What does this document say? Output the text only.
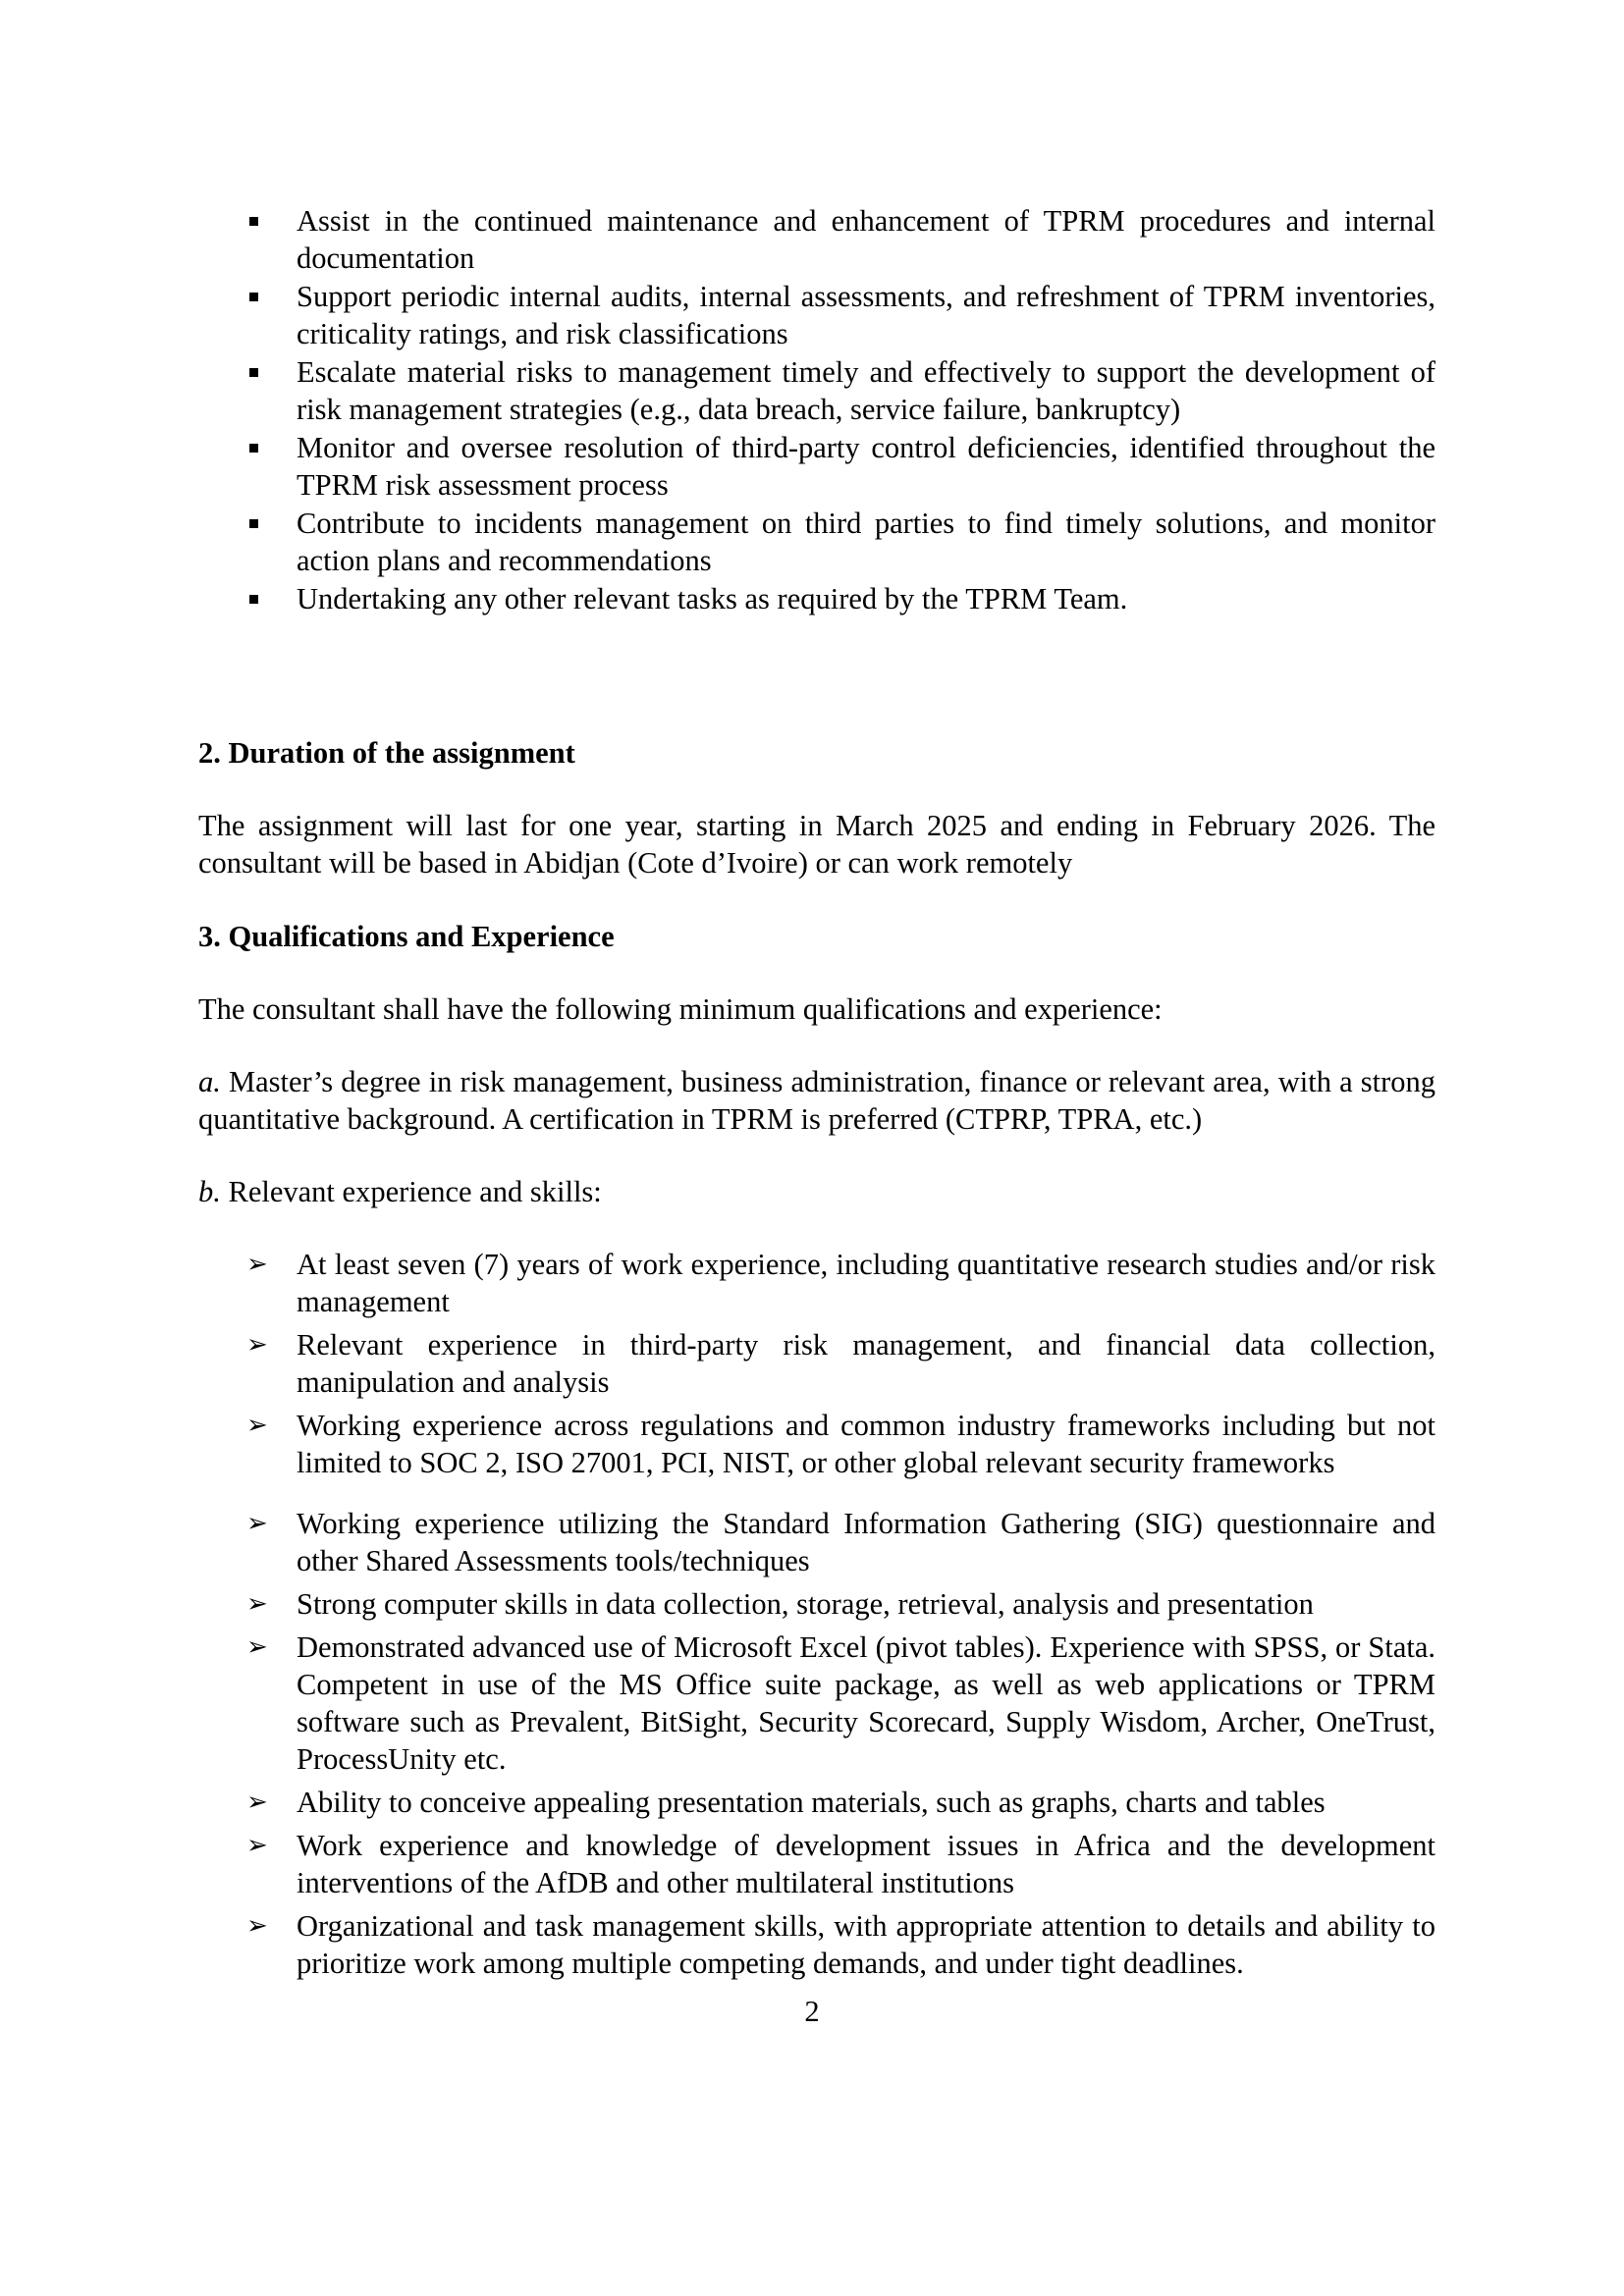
Assist in the continued maintenance and enhancement of TPRM procedures and internal documentation
Support periodic internal audits, internal assessments, and refreshment of TPRM inventories, criticality ratings, and risk classifications
Escalate material risks to management timely and effectively to support the development of risk management strategies (e.g., data breach, service failure, bankruptcy)
Monitor and oversee resolution of third-party control deficiencies, identified throughout the TPRM risk assessment process
Contribute to incidents management on third parties to find timely solutions, and monitor action plans and recommendations
Undertaking any other relevant tasks as required by the TPRM Team.

2. Duration of the assignment

The assignment will last for one year, starting in March 2025 and ending in February 2026. The consultant will be based in Abidjan (Cote d’Ivoire) or can work remotely

3. Qualifications and Experience

The consultant shall have the following minimum qualifications and experience:

a. Master’s degree in risk management, business administration, finance or relevant area, with a strong quantitative background. A certification in TPRM is preferred (CTPRP, TPRA, etc.)

b. Relevant experience and skills:

➢ At least seven (7) years of work experience, including quantitative research studies and/or risk management
➢ Relevant experience in third-party risk management, and financial data collection, manipulation and analysis
➢ Working experience across regulations and common industry frameworks including but not limited to SOC 2, ISO 27001, PCI, NIST, or other global relevant security frameworks
➢ Working experience utilizing the Standard Information Gathering (SIG) questionnaire and other Shared Assessments tools/techniques
➢ Strong computer skills in data collection, storage, retrieval, analysis and presentation
➢ Demonstrated advanced use of Microsoft Excel (pivot tables). Experience with SPSS, or Stata. Competent in use of the MS Office suite package, as well as web applications or TPRM software such as Prevalent, BitSight, Security Scorecard, Supply Wisdom, Archer, OneTrust, ProcessUnity etc.
➢ Ability to conceive appealing presentation materials, such as graphs, charts and tables
➢ Work experience and knowledge of development issues in Africa and the development interventions of the AfDB and other multilateral institutions
➢ Organizational and task management skills, with appropriate attention to details and ability to prioritize work among multiple competing demands, and under tight deadlines.
2
